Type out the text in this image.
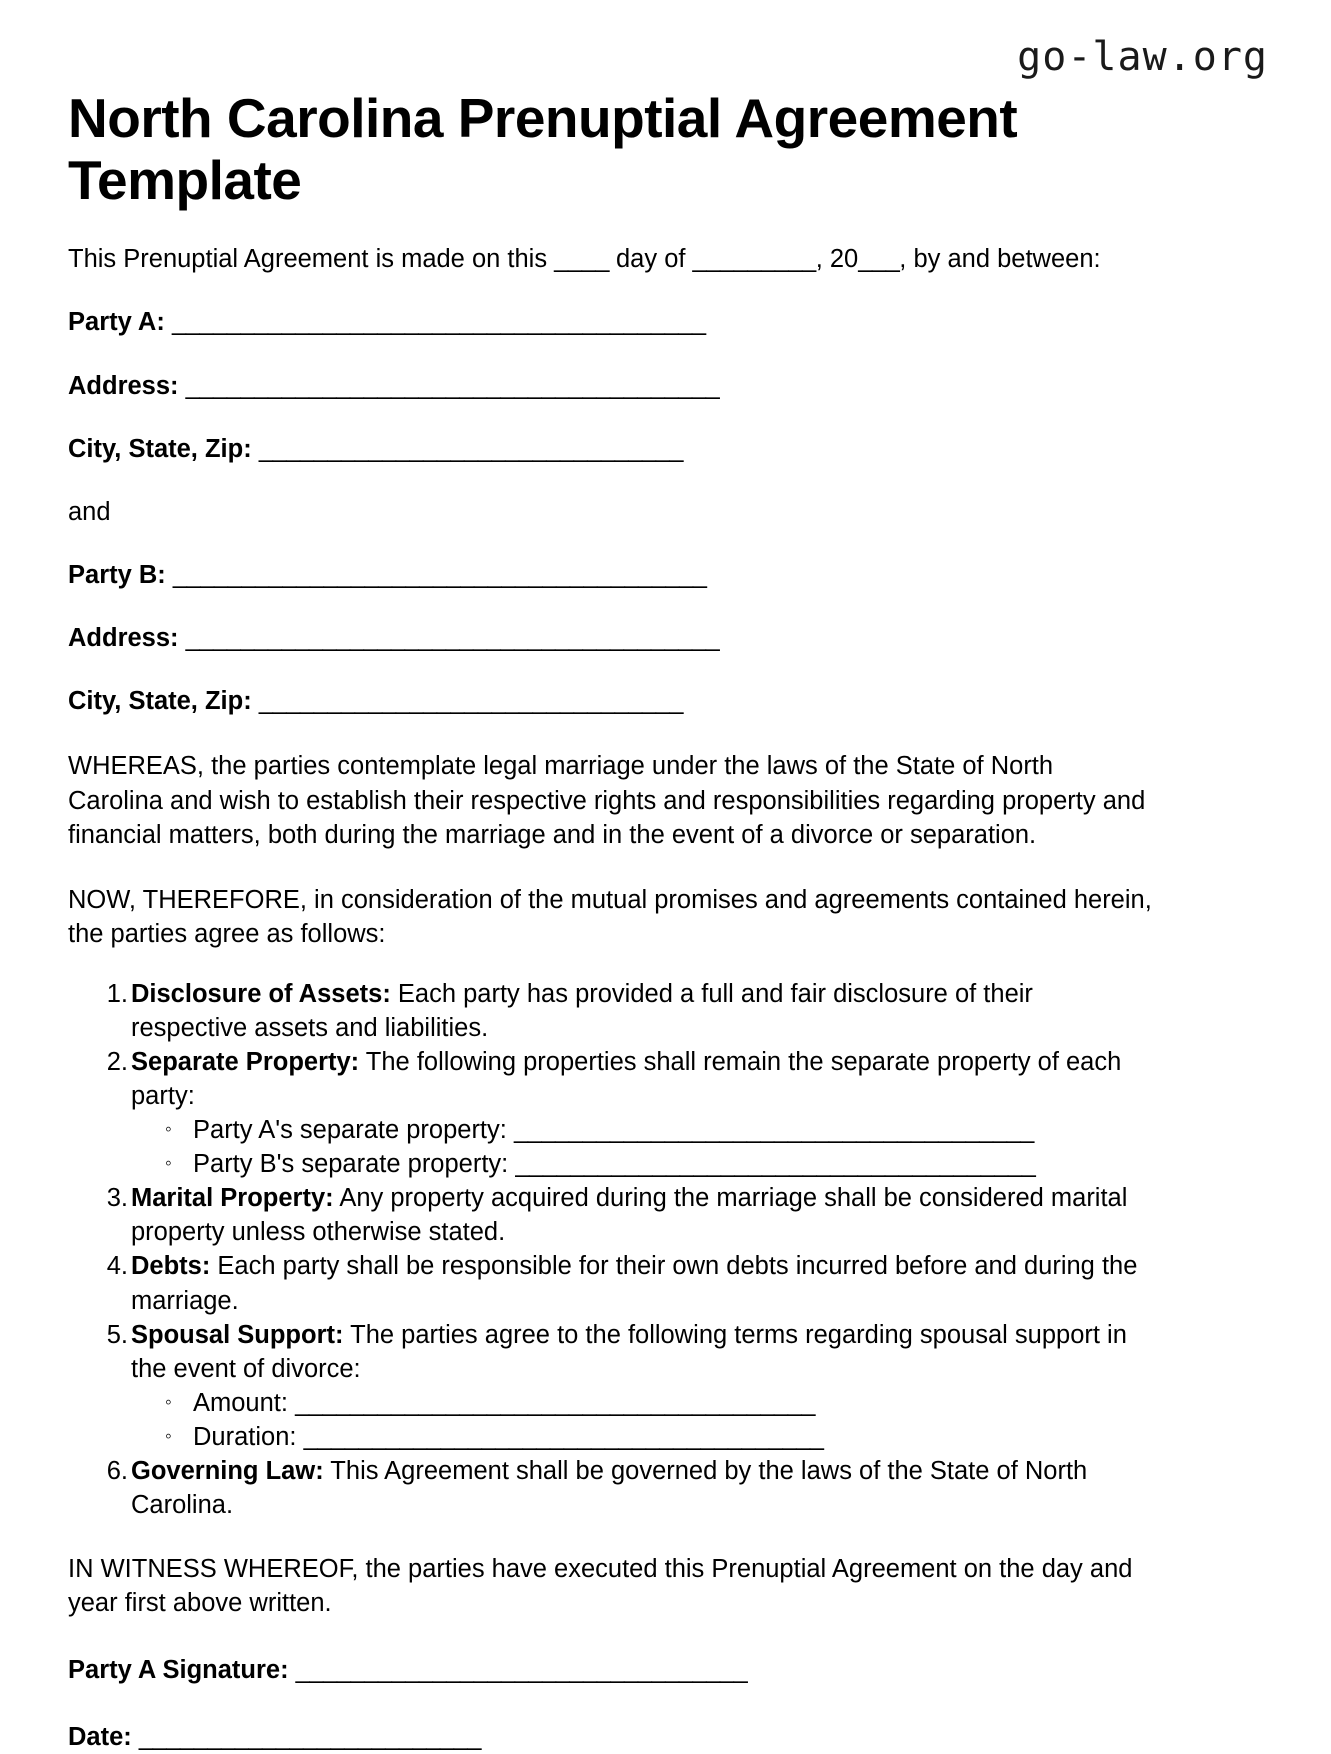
go-law.org
North Carolina Prenuptial Agreement Template

This Prenuptial Agreement is made on this ____ day of _________, 20___, by and between:

Party A: _______________________________________

Address: _______________________________________

City, State, Zip: _______________________________

and

Party B: _______________________________________

Address: _______________________________________

City, State, Zip: _______________________________

WHEREAS, the parties contemplate legal marriage under the laws of the State of North Carolina and wish to establish their respective rights and responsibilities regarding property and financial matters, both during the marriage and in the event of a divorce or separation.

NOW, THEREFORE, in consideration of the mutual promises and agreements contained herein, the parties agree as follows:

1. Disclosure of Assets: Each party has provided a full and fair disclosure of their respective assets and liabilities.
2. Separate Property: The following properties shall remain the separate property of each party:
◦ Party A's separate property: ______________________________________
◦ Party B's separate property: ______________________________________
3. Marital Property: Any property acquired during the marriage shall be considered marital property unless otherwise stated.
4. Debts: Each party shall be responsible for their own debts incurred before and during the marriage.
5. Spousal Support: The parties agree to the following terms regarding spousal support in the event of divorce:
◦ Amount: ______________________________________
◦ Duration: ______________________________________
6. Governing Law: This Agreement shall be governed by the laws of the State of North Carolina.

IN WITNESS WHEREOF, the parties have executed this Prenuptial Agreement on the day and year first above written.

Party A Signature: _________________________________

Date: _________________________
